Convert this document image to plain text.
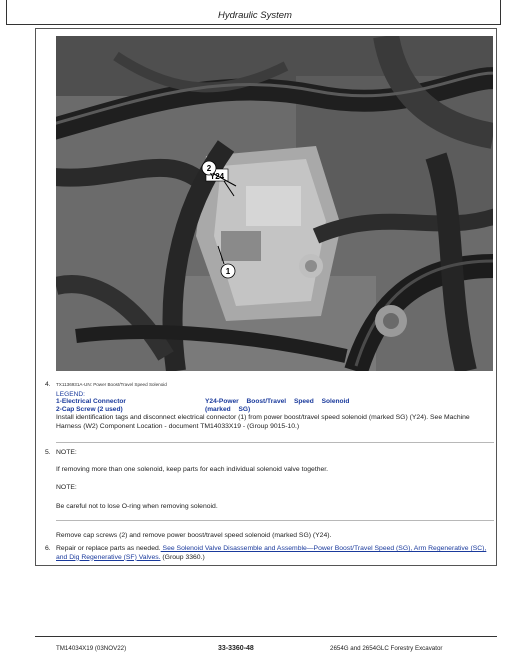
Hydraulic System
Y24
2
1
4. TX1136931A-UN: Power Boost/Travel Speed Solenoid
LEGEND:
1-Electrical Connector
2-Cap Screw (2 used)
Y24-Power Boost/Travel Speed Solenoid (marked SG)
Install identification tags and disconnect electrical connector (1) from power boost/travel speed solenoid (marked SG) (Y24). See Machine Harness (W2) Component Location - document TM14033X19 - (Group 9015-10.)
5. NOTE:
If removing more than one solenoid, keep parts for each individual solenoid valve together.
NOTE:
Be careful not to lose O-ring when removing solenoid.
Remove cap screws (2) and remove power boost/travel speed solenoid (marked SG) (Y24).
6. Repair or replace parts as needed. See Solenoid Valve Disassemble and Assemble—Power Boost/Travel Speed (SG), Arm Regenerative (SC), and Dig Regenerative (SF) Valves. (Group 3360.)
TM14034X19 (03NOV22)	33-3360-48	2654G and 2654GLC Forestry Excavator
